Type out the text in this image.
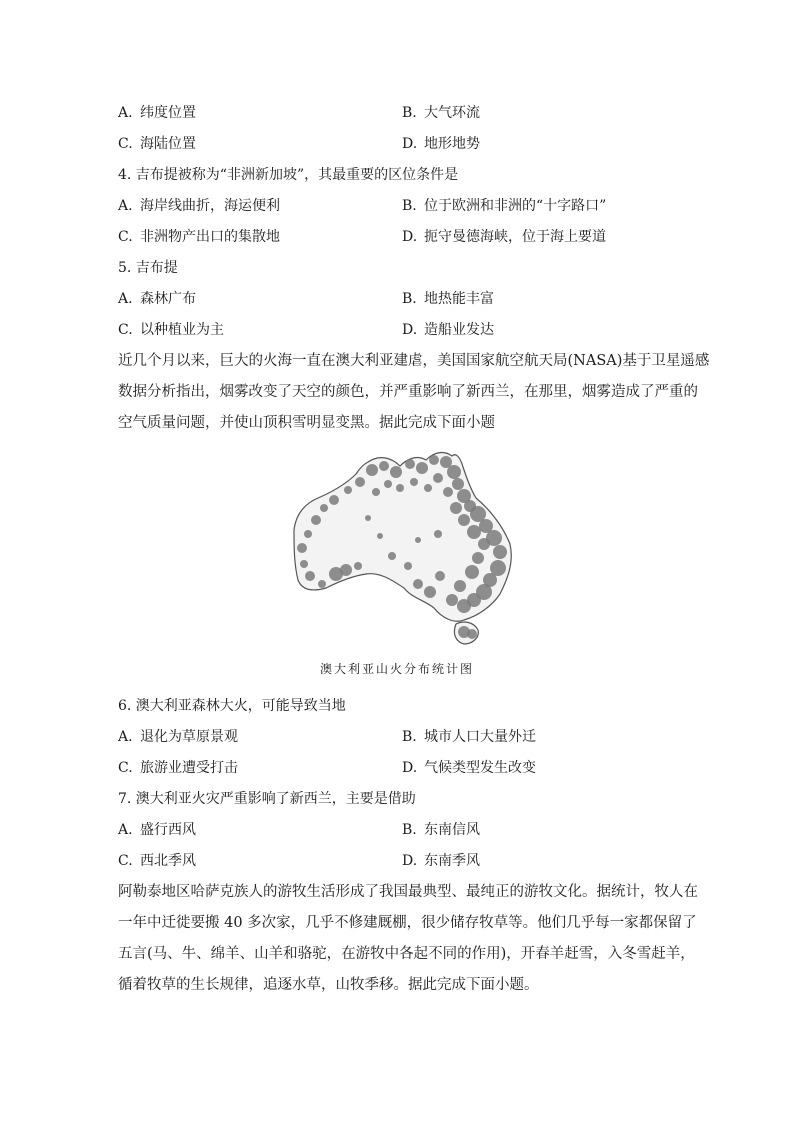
A. 纬度位置	B. 大气环流
C. 海陆位置	D. 地形地势
4. 吉布提被称为“非洲新加坡”，其最重要的区位条件是
A. 海岸线曲折，海运便利	B. 位于欧洲和非洲的“十字路口”
C. 非洲物产出口的集散地	D. 扼守曼德海峡，位于海上要道
5. 吉布提
A. 森林广布	B. 地热能丰富
C. 以种植业为主	D. 造船业发达
近几个月以来，巨大的火海一直在澳大利亚建虐，美国国家航空航天局(NASA)基于卫星遥感
数据分析指出，烟雾改变了天空的颜色，并严重影响了新西兰，在那里，烟雾造成了严重的
空气质量问题，并使山顶积雪明显变黑。据此完成下面小题
澳大利亚山火分布统计图
6. 澳大利亚森林大火，可能导致当地
A. 退化为草原景观	B. 城市人口大量外迁
C. 旅游业遭受打击	D. 气候类型发生改变
7. 澳大利亚火灾严重影响了新西兰，主要是借助
A. 盛行西风	B. 东南信风
C. 西北季风	D. 东南季风
阿勒泰地区哈萨克族人的游牧生活形成了我国最典型、最纯正的游牧文化。据统计，牧人在
一年中迁徙要搬 40 多次家，几乎不修建厩棚，很少储存牧草等。他们几乎每一家都保留了
五言(马、牛、绵羊、山羊和骆驼，在游牧中各起不同的作用)，开春羊赶雪，入冬雪赶羊，
循着牧草的生长规律，追逐水草，山牧季移。据此完成下面小题。
